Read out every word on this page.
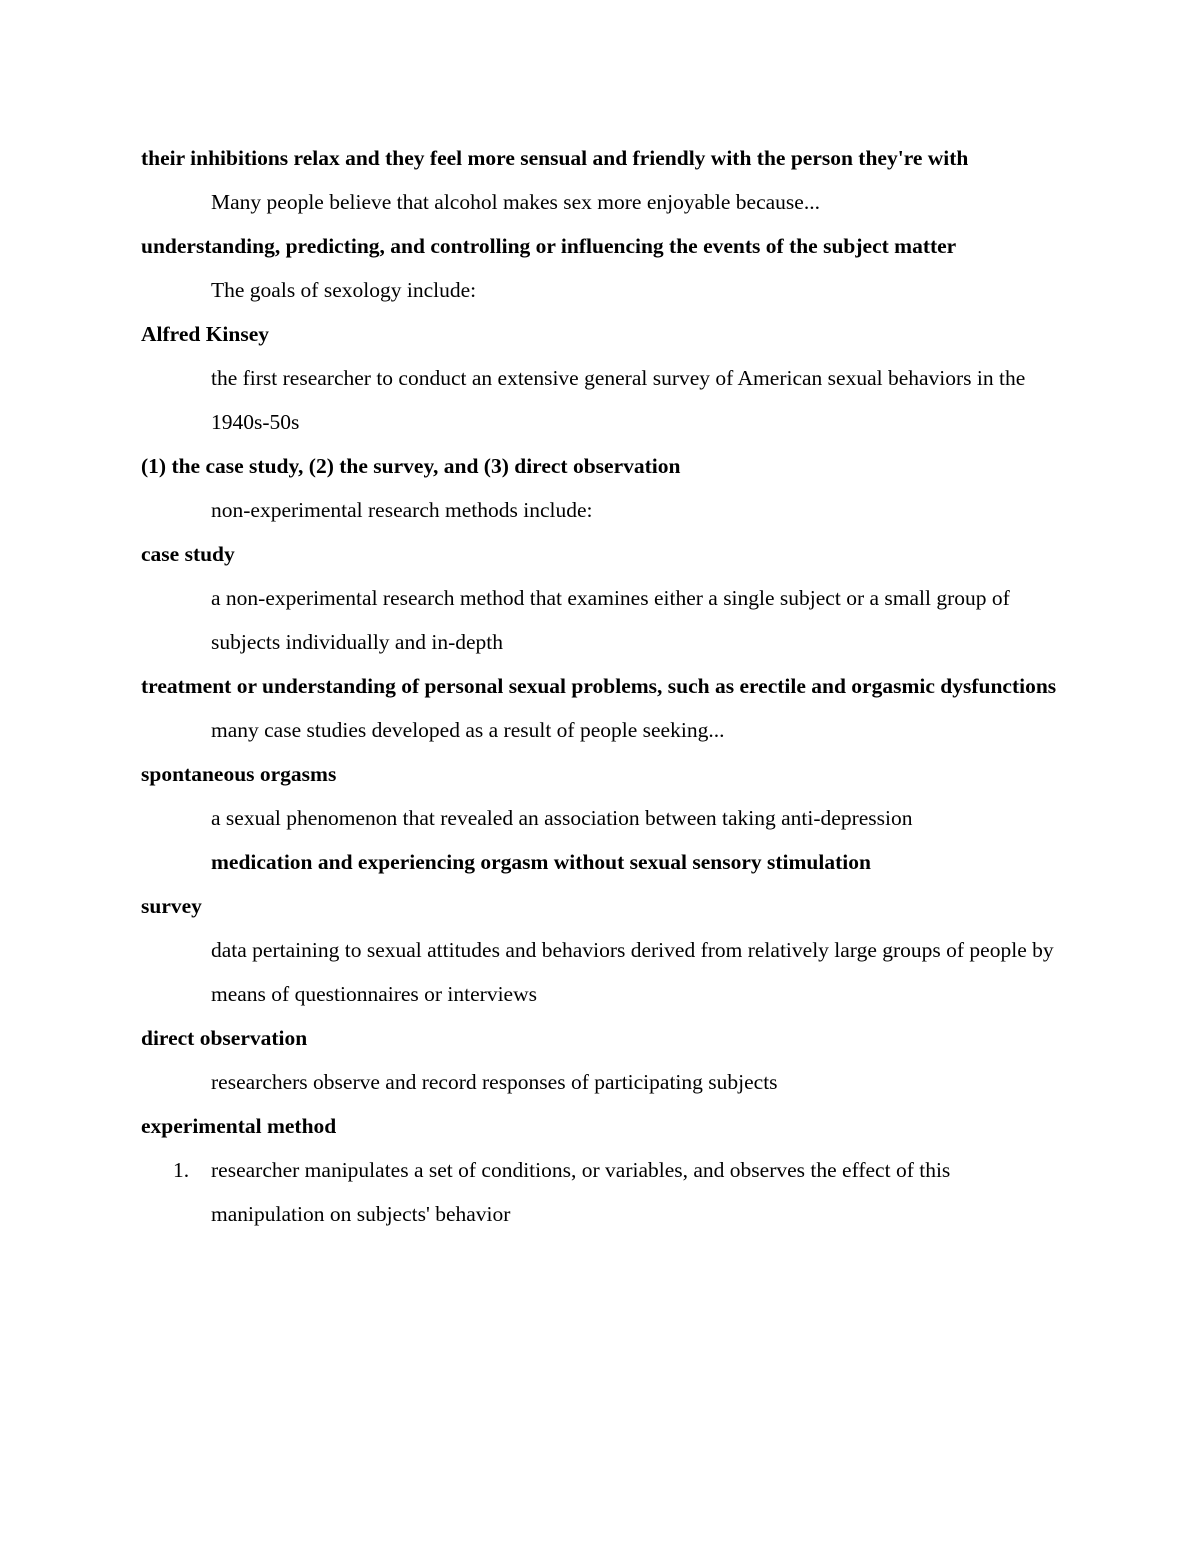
their inhibitions relax and they feel more sensual and friendly with the person they're with

Many people believe that alcohol makes sex more enjoyable because...

understanding, predicting, and controlling or influencing the events of the subject matter

The goals of sexology include:

Alfred Kinsey

the first researcher to conduct an extensive general survey of American sexual behaviors in the 1940s-50s

(1) the case study, (2) the survey, and (3) direct observation

non-experimental research methods include:

case study

a non-experimental research method that examines either a single subject or a small group of subjects individually and in-depth

treatment or understanding of personal sexual problems, such as erectile and orgasmic dysfunctions

many case studies developed as a result of people seeking...

spontaneous orgasms

a sexual phenomenon that revealed an association between taking anti-depression

medication and experiencing orgasm without sexual sensory stimulation

survey

data pertaining to sexual attitudes and behaviors derived from relatively large groups of people by means of questionnaires or interviews

direct observation

researchers observe and record responses of participating subjects

experimental method

1. researcher manipulates a set of conditions, or variables, and observes the effect of this manipulation on subjects' behavior
